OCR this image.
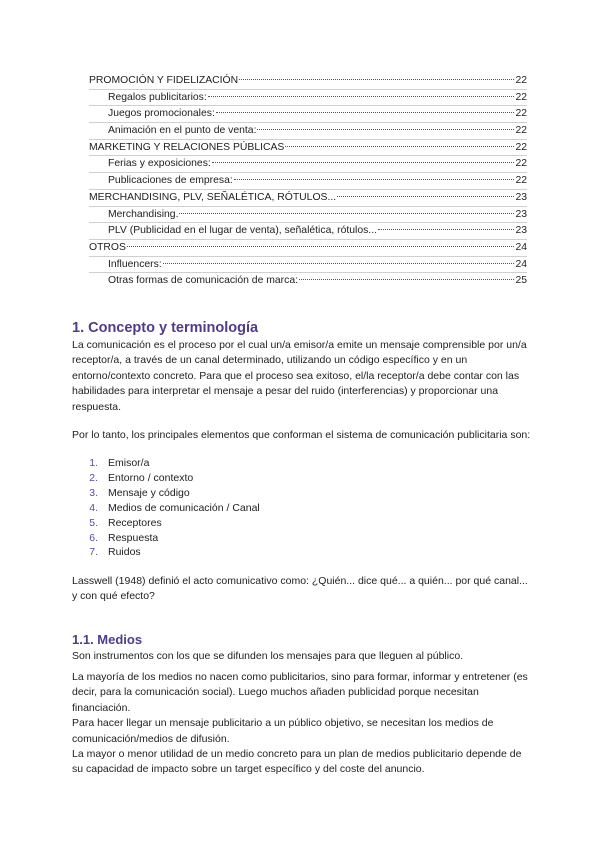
PROMOCIÓN Y FIDELIZACIÓN	22
Regalos publicitarios:	22
Juegos promocionales:	22
Animación en el punto de venta:	22
MARKETING Y RELACIONES PÚBLICAS	22
Ferias y exposiciones:	22
Publicaciones de empresa:	22
MERCHANDISING, PLV, SEÑALÉTICA, RÓTULOS...	23
Merchandising.	23
PLV (Publicidad en el lugar de venta), señalética, rótulos...	23
OTROS	24
Influencers:	24
Otras formas de comunicación de marca:	25
1. Concepto y terminología

La comunicación es el proceso por el cual un/a emisor/a emite un mensaje comprensible por un/a receptor/a, a través de un canal determinado, utilizando un código específico y en un entorno/contexto concreto. Para que el proceso sea exitoso, el/la receptor/a debe contar con las habilidades para interpretar el mensaje a pesar del ruido (interferencias) y proporcionar una respuesta.

Por lo tanto, los principales elementos que conforman el sistema de comunicación publicitaria son:

1. Emisor/a
2. Entorno / contexto
3. Mensaje y código
4. Medios de comunicación / Canal
5. Receptores
6. Respuesta
7. Ruidos

Lasswell (1948) definió el acto comunicativo como: ¿Quién... dice qué... a quién... por qué canal... y con qué efecto?

1.1. Medios

Son instrumentos con los que se difunden los mensajes para que lleguen al público.

La mayoría de los medios no nacen como publicitarios, sino para formar, informar y entretener (es decir, para la comunicación social). Luego muchos añaden publicidad porque necesitan financiación.

Para hacer llegar un mensaje publicitario a un público objetivo, se necesitan los medios de comunicación/medios de difusión.

La mayor o menor utilidad de un medio concreto para un plan de medios publicitario depende de su capacidad de impacto sobre un target específico y del coste del anuncio.
